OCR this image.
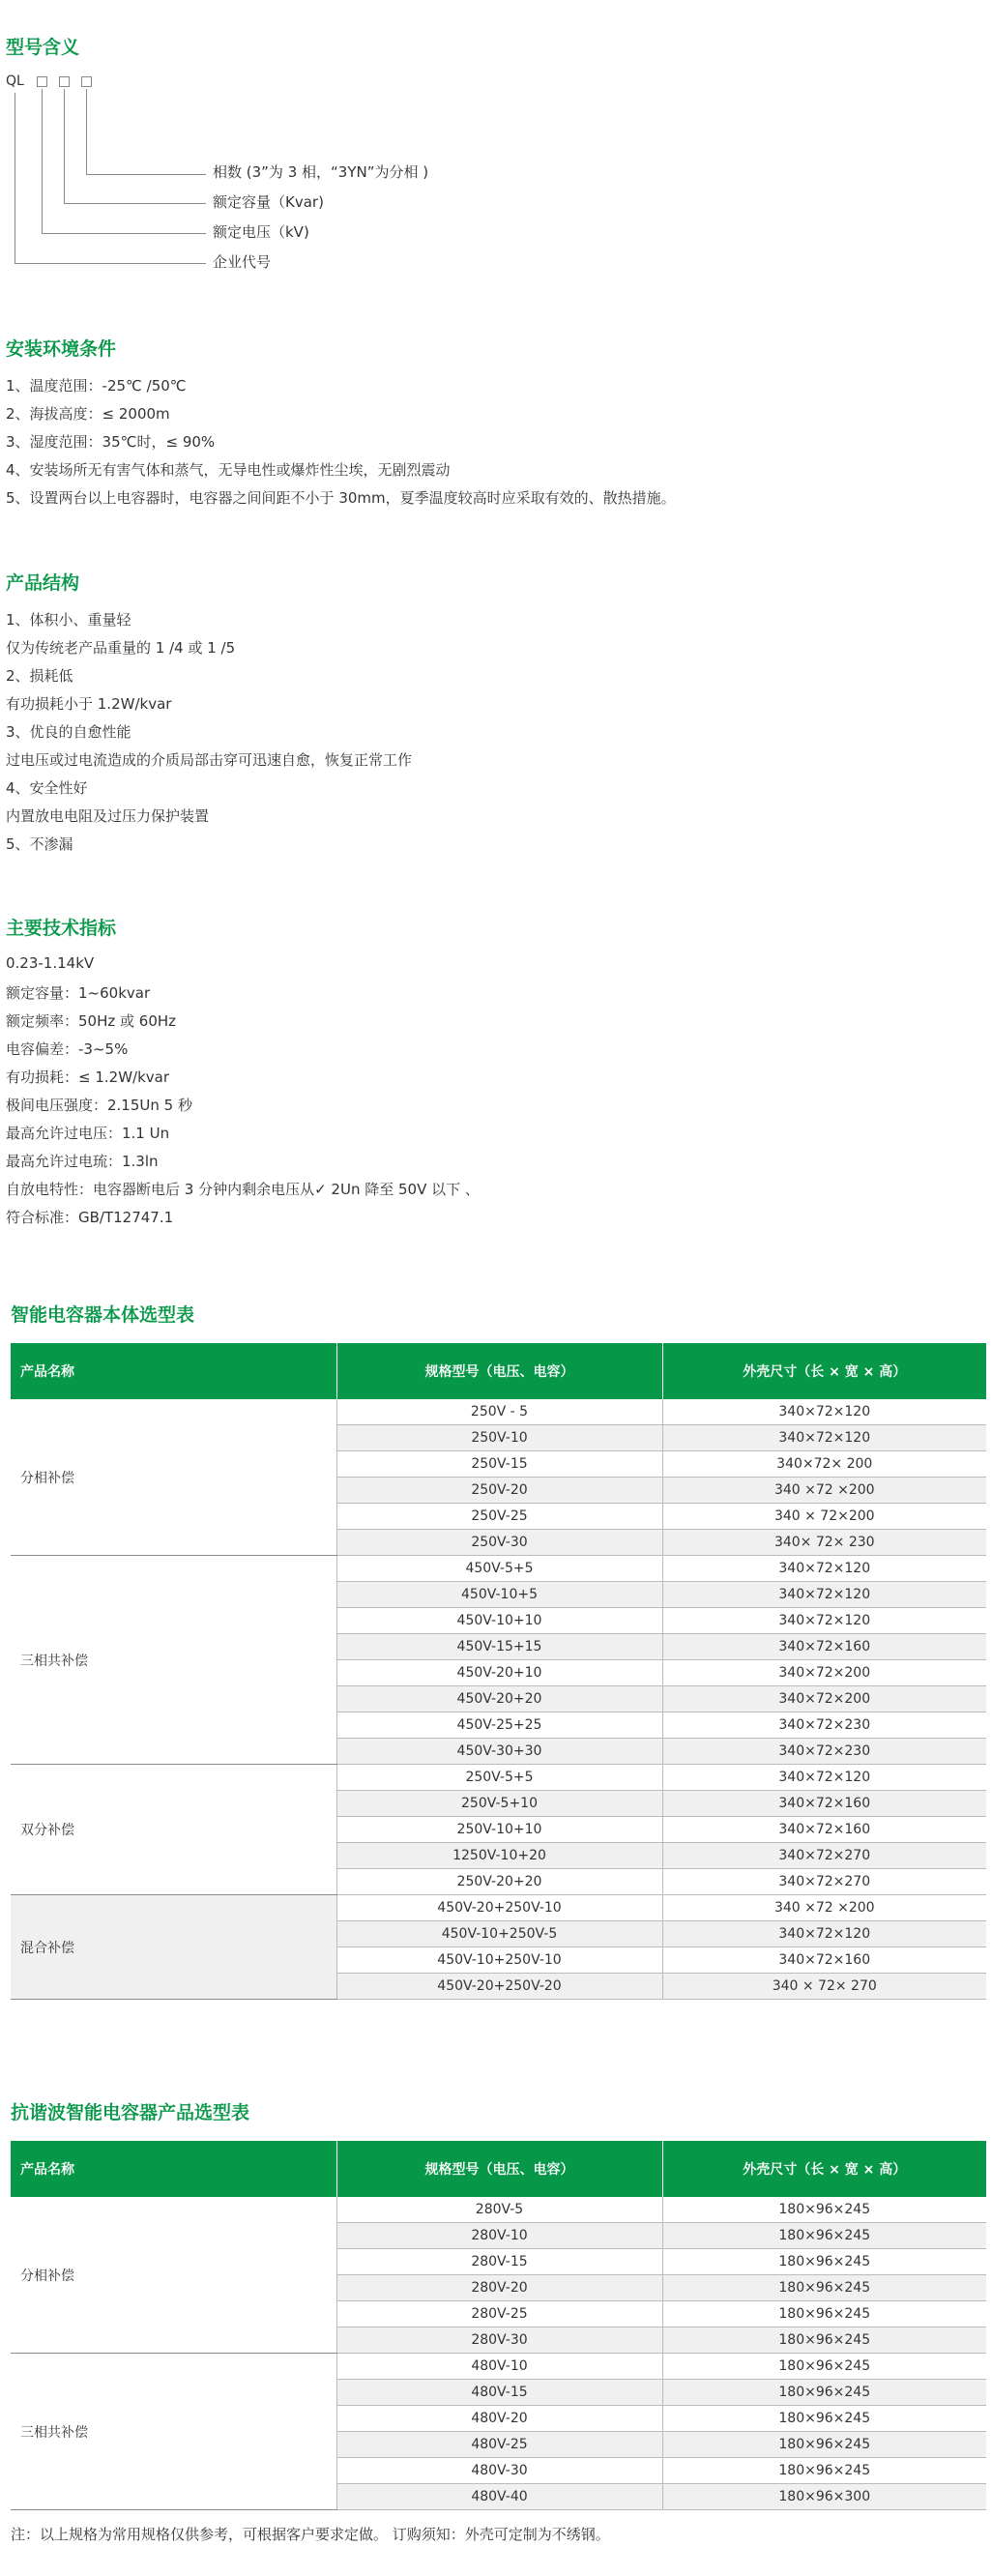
型号含义
QL
相数 (3”为 3 相，“3YN”为分相 )
额定容量（Kvar)
额定电压（kV)
企业代号
安装环境条件
1、温度范围：-25℃ /50℃
2、海拔高度：≤ 2000m
3、湿度范围：35℃时，≤ 90%
4、安装场所无有害气体和蒸气，无导电性或爆炸性尘埃，无剧烈震动
5、设置两台以上电容器时，电容器之间间距不小于 30mm，夏季温度较高时应采取有效的、散热措施。
产品结构
1、体积小、重量轻
仅为传统老产品重量的 1 /4 或 1 /5
2、损耗低
有功损耗小于 1.2W/kvar
3、优良的自愈性能
过电压或过电流造成的介质局部击穿可迅速自愈，恢复正常工作
4、安全性好
内置放电电阻及过压力保护装置
5、不渗漏
主要技术指标
0.23-1.14kV
额定容量：1~60kvar
额定频率：50Hz 或 60Hz
电容偏差：-3~5%
有功损耗：≤ 1.2W/kvar
极间电压强度：2.15Un 5 秒
最高允许过电压：1.1 Un
最高允许过电琉：1.3ln
自放电特性：电容器断电后 3 分钟内剩余电压从✓ 2Un 降至 50V 以下 、
符合标准：GB/T12747.1
智能电容器本体选型表
产品名称	规格型号（电压、电容）	外壳尺寸（长 × 宽 × 高）
分相补偿	250V - 5	340×72×120
	250V-10	340×72×120
	250V-15	340×72× 200
	250V-20	340 ×72 ×200
	250V-25	340 × 72×200
	250V-30	340× 72× 230
三相共补偿	450V-5+5	340×72×120
	450V-10+5	340×72×120
	450V-10+10	340×72×120
	450V-15+15	340×72×160
	450V-20+10	340×72×200
	450V-20+20	340×72×200
	450V-25+25	340×72×230
	450V-30+30	340×72×230
双分补偿	250V-5+5	340×72×120
	250V-5+10	340×72×160
	250V-10+10	340×72×160
	1250V-10+20	340×72×270
	250V-20+20	340×72×270
混合补偿	450V-20+250V-10	340 ×72 ×200
	450V-10+250V-5	340×72×120
	450V-10+250V-10	340×72×160
	450V-20+250V-20	340 × 72× 270
抗谐波智能电容器产品选型表
产品名称	规格型号（电压、电容）	外壳尺寸（长 × 宽 × 高）
分相补偿	280V-5	180×96×245
	280V-10	180×96×245
	280V-15	180×96×245
	280V-20	180×96×245
	280V-25	180×96×245
	280V-30	180×96×245
三相共补偿	480V-10	180×96×245
	480V-15	180×96×245
	480V-20	180×96×245
	480V-25	180×96×245
	480V-30	180×96×245
	480V-40	180×96×300
注：以上规格为常用规格仅供参考，可根据客户要求定做。 订购须知：外壳可定制为不绣钢。
